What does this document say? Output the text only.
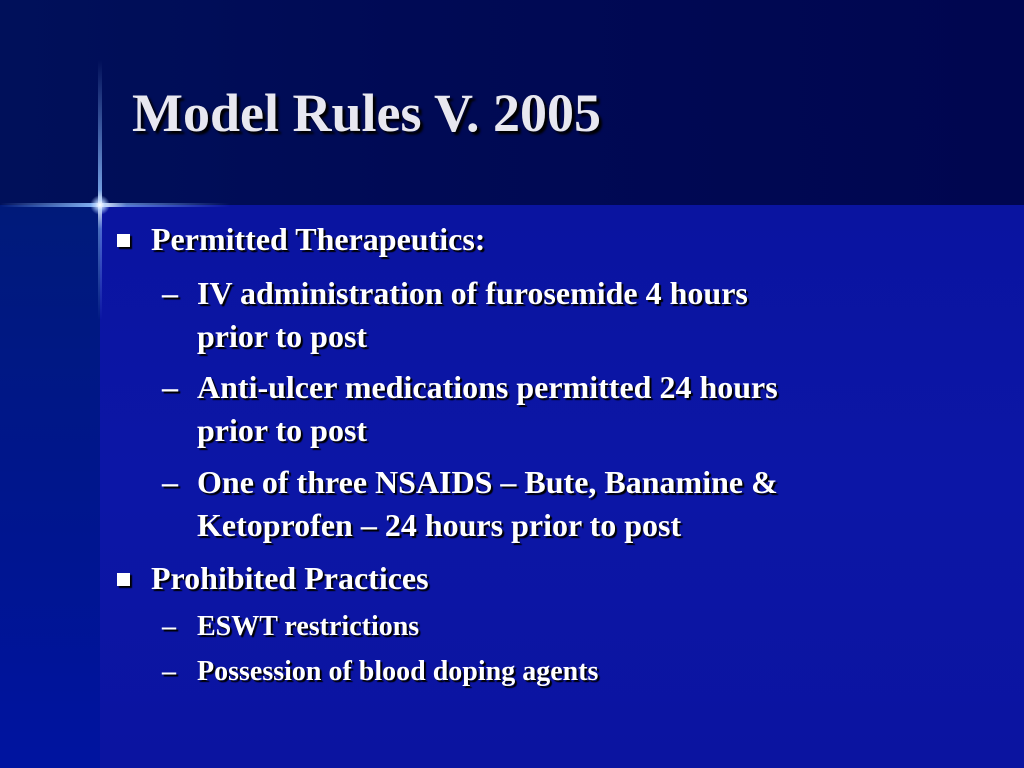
Model Rules V. 2005
Permitted Therapeutics:
– IV administration of furosemide 4 hours
prior to post
– Anti-ulcer medications permitted 24 hours
prior to post
– One of three NSAIDS – Bute, Banamine &
Ketoprofen – 24 hours prior to post
Prohibited Practices
– ESWT restrictions
– Possession of blood doping agents
